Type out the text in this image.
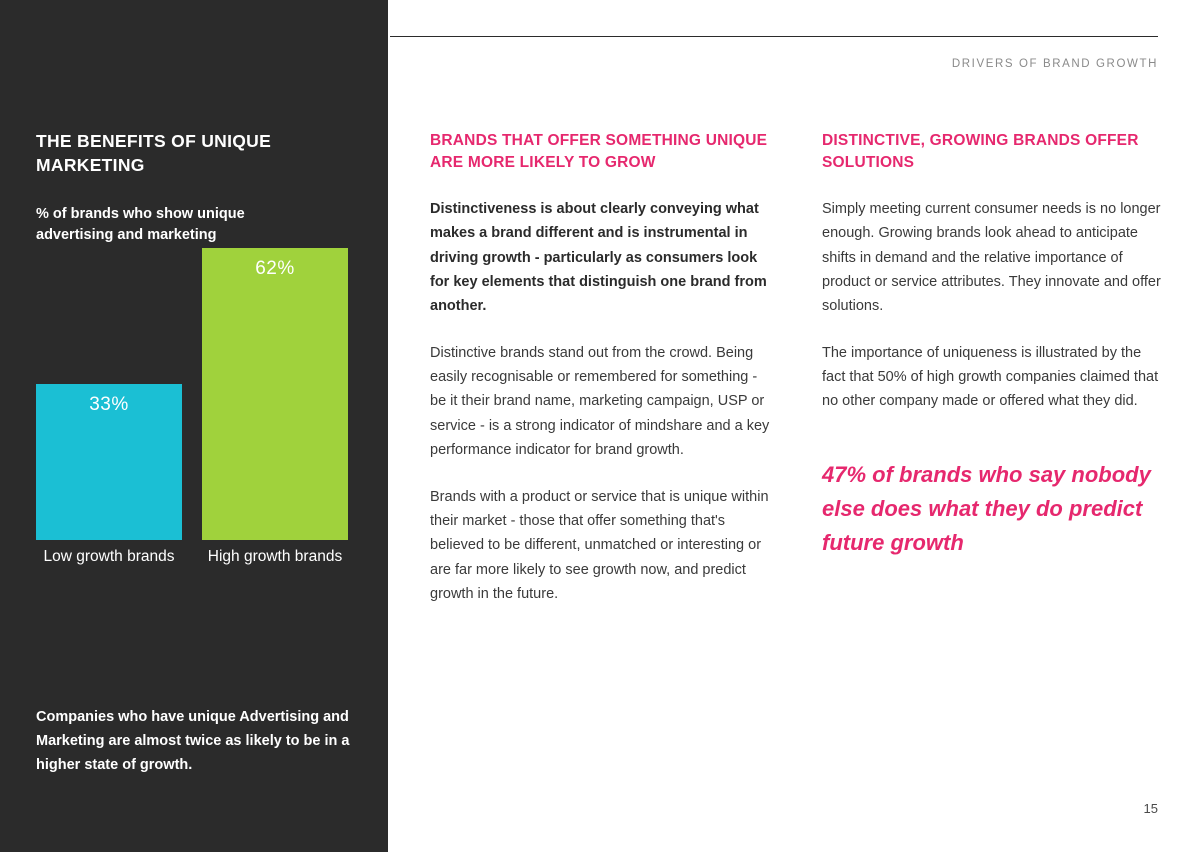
THE BENEFITS OF UNIQUE MARKETING
% of brands who show unique advertising and marketing
33%
62%
Low growth brands	High growth brands
Companies who have unique Advertising and Marketing are almost twice as likely to be in a higher state of growth.
DRIVERS OF BRAND GROWTH
BRANDS THAT OFFER SOMETHING UNIQUE ARE MORE LIKELY TO GROW

Distinctiveness is about clearly conveying what makes a brand different and is instrumental in driving growth - particularly as consumers look for key elements that distinguish one brand from another.

Distinctive brands stand out from the crowd. Being easily recognisable or remembered for something - be it their brand name, marketing campaign, USP or service - is a strong indicator of mindshare and a key performance indicator for brand growth.

Brands with a product or service that is unique within their market - those that offer something that's believed to be different, unmatched or interesting or are far more likely to see growth now, and predict growth in the future.

DISTINCTIVE, GROWING BRANDS OFFER SOLUTIONS

Simply meeting current consumer needs is no longer enough. Growing brands look ahead to anticipate shifts in demand and the relative importance of product or service attributes. They innovate and offer solutions.

The importance of uniqueness is illustrated by the fact that 50% of high growth companies claimed that no other company made or offered what they did.

47% of brands who say nobody else does what they do predict future growth

15
